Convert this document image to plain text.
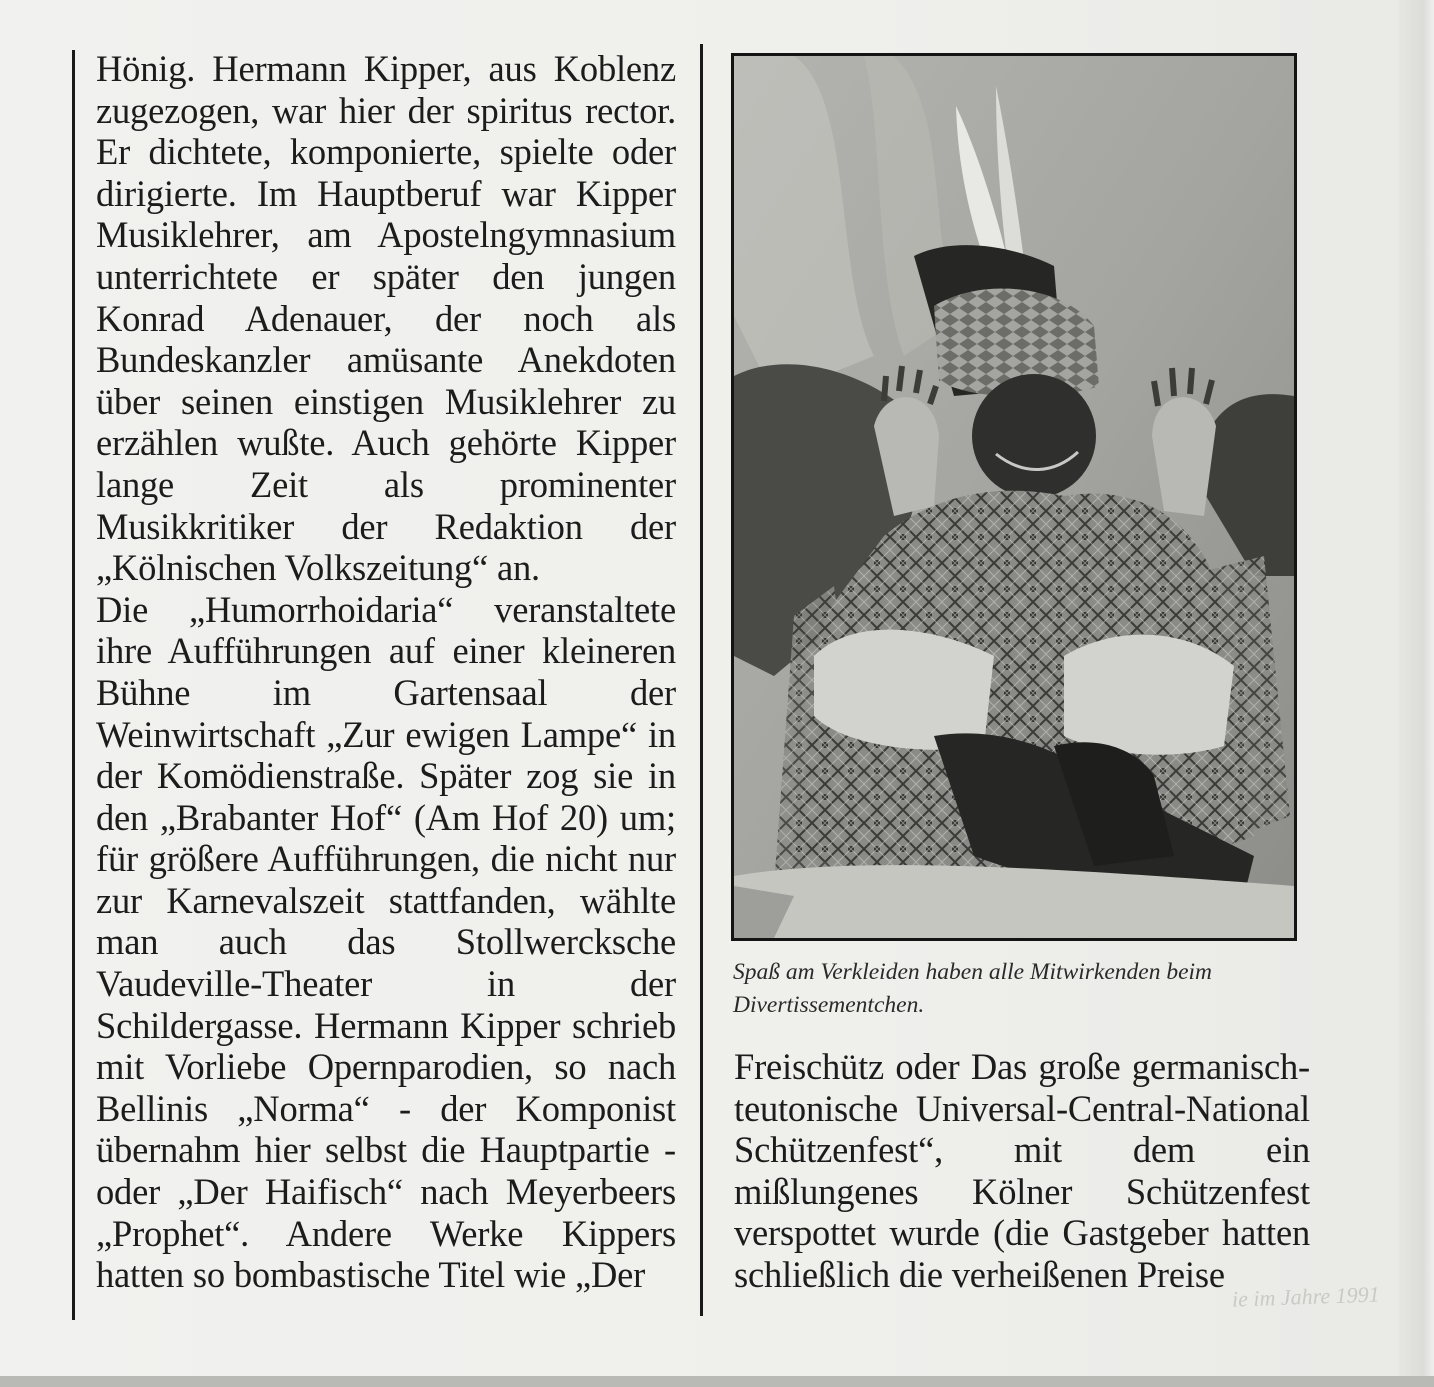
Hönig. Hermann Kipper, aus Koblenz zugezogen, war hier der spiritus rector. Er dichtete, komponierte, spielte oder dirigierte. Im Hauptberuf war Kipper Musiklehrer, am Apostelngymnasium unterrichtete er später den jungen Konrad Adenauer, der noch als Bundeskanzler amüsante Anekdoten über seinen einstigen Musiklehrer zu erzählen wußte. Auch gehörte Kipper lange Zeit als prominenter Musikkritiker der Redaktion der „Kölnischen Volkszeitung“ an.

Die „Humorrhoidaria“ veranstaltete ihre Aufführungen auf einer kleineren Bühne im Gartensaal der Weinwirtschaft „Zur ewigen Lampe“ in der Komödienstraße. Später zog sie in den „Brabanter Hof“ (Am Hof 20) um; für größere Aufführungen, die nicht nur zur Karnevalszeit stattfanden, wählte man auch das Stollwercksche Vaudeville-Theater in der Schildergasse. Hermann Kipper schrieb mit Vorliebe Opernparodien, so nach Bellinis „Norma“ - der Komponist übernahm hier selbst die Hauptpartie - oder „Der Haifisch“ nach Meyerbeers „Prophet“. Andere Werke Kippers hatten so bombastische Titel wie „Der

Spaß am Verkleiden haben alle Mitwirkenden beim Divertissementchen.

Freischütz oder Das große germanisch-teutonische Universal-Central-National Schützenfest“, mit dem ein mißlungenes Kölner Schützenfest verspottet wurde (die Gastgeber hatten schließlich die verheißenen Preise

ie im Jahre 1991
